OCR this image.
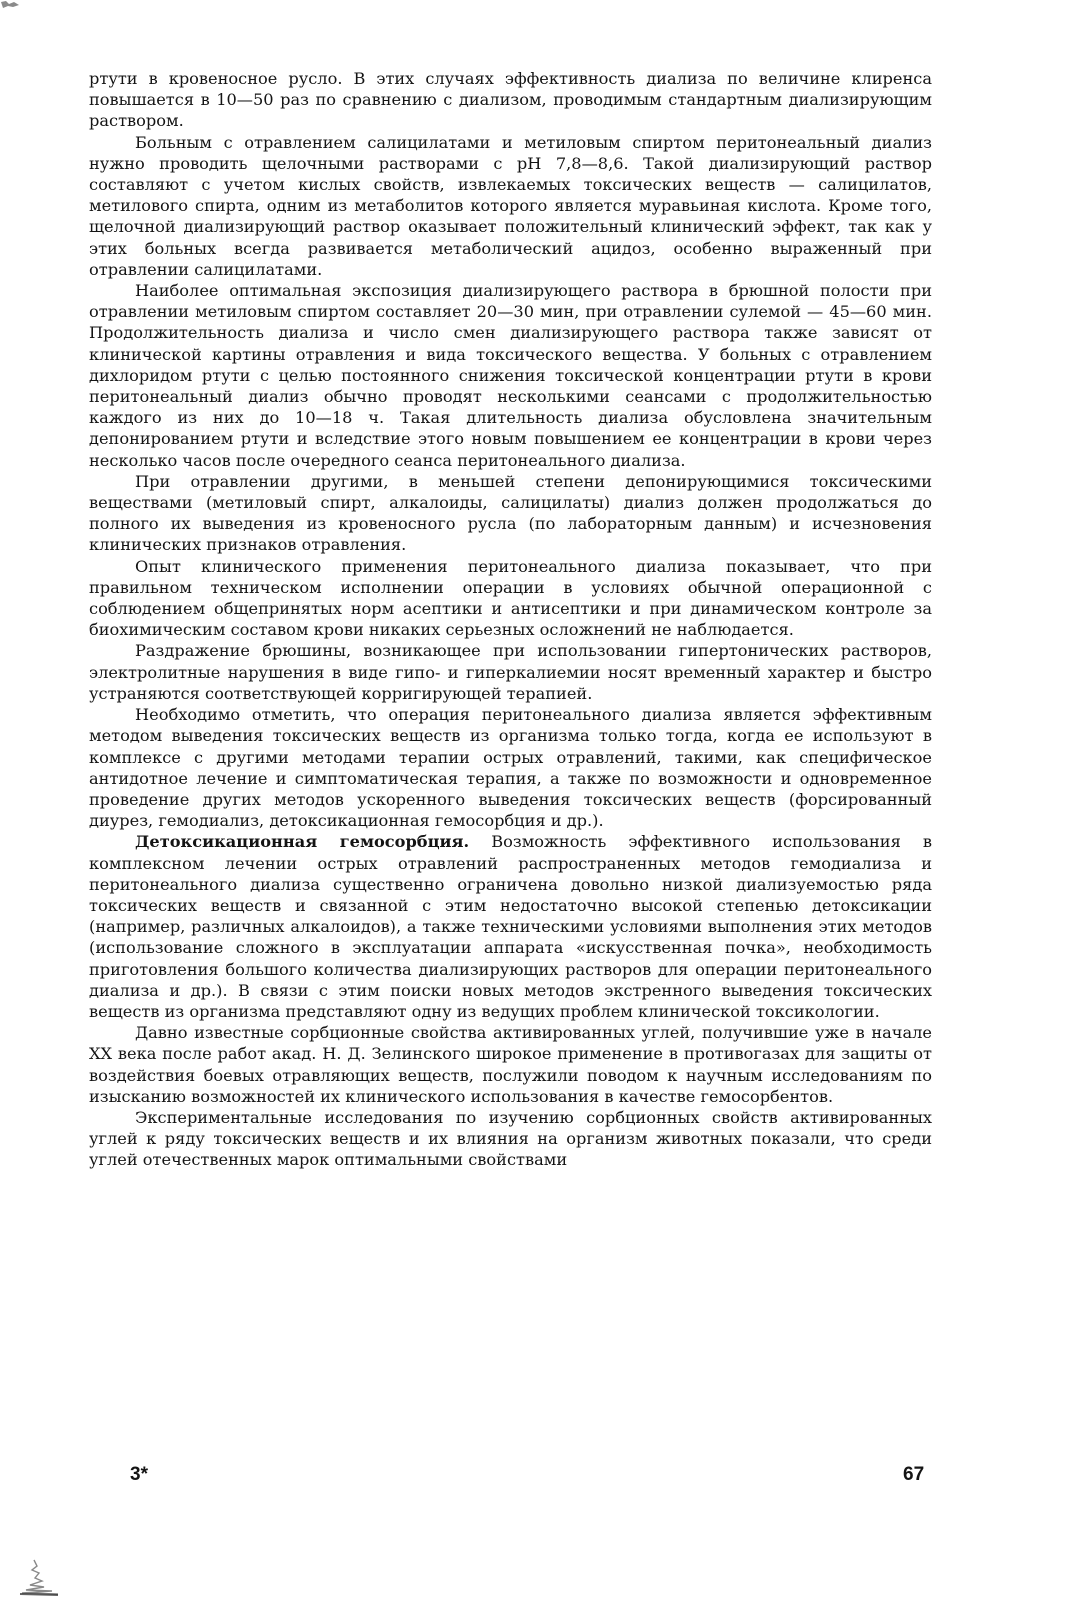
ртути в кровеносное русло. В этих случаях эффективность диализа по величине клиренса повышается в 10—50 раз по сравнению с диализом, проводимым стандартным диализирующим раствором.

Больным с отравлением салицилатами и метиловым спиртом перитонеальный диализ нужно проводить щелочными растворами с рН 7,8—8,6. Такой диализирующий раствор составляют с учетом кислых свойств, извлекаемых токсических веществ — салицилатов, метилового спирта, одним из метаболитов которого является муравьиная кислота. Кроме того, щелочной диализирующий раствор оказывает положительный клинический эффект, так как у этих больных всегда развивается метаболический ацидоз, особенно выраженный при отравлении салицилатами.

Наиболее оптимальная экспозиция диализирующего раствора в брюшной полости при отравлении метиловым спиртом составляет 20—30 мин, при отравлении сулемой — 45—60 мин. Продолжительность диализа и число смен диализирующего раствора также зависят от клинической картины отравления и вида токсического вещества. У больных с отравлением дихлоридом ртути с целью постоянного снижения токсической концентрации ртути в крови перитонеальный диализ обычно проводят несколькими сеансами с продолжительностью каждого из них до 10—18 ч. Такая длительность диализа обусловлена значительным депонированием ртути и вследствие этого новым повышением ее концентрации в крови через несколько часов после очередного сеанса перитонеального диализа.

При отравлении другими, в меньшей степени депонирующимися токсическими веществами (метиловый спирт, алкалоиды, салицилаты) диализ должен продолжаться до полного их выведения из кровеносного русла (по лабораторным данным) и исчезновения клинических признаков отравления.

Опыт клинического применения перитонеального диализа показывает, что при правильном техническом исполнении операции в условиях обычной операционной с соблюдением общепринятых норм асептики и антисептики и при динамическом контроле за биохимическим составом крови никаких серьезных осложнений не наблюдается.

Раздражение брюшины, возникающее при использовании гипертонических растворов, электролитные нарушения в виде гипо- и гиперкалиемии носят временный характер и быстро устраняются соответствующей корригирующей терапией.

Необходимо отметить, что операция перитонеального диализа является эффективным методом выведения токсических веществ из организма только тогда, когда ее используют в комплексе с другими методами терапии острых отравлений, такими, как специфическое антидотное лечение и симптоматическая терапия, а также по возможности и одновременное проведение других методов ускоренного выведения токсических веществ (форсированный диурез, гемодиализ, детоксикационная гемосорбция и др.).

Детоксикационная гемосорбция. Возможность эффективного использования в комплексном лечении острых отравлений распространенных методов гемодиализа и перитонеального диализа существенно ограничена довольно низкой диализуемостью ряда токсических веществ и связанной с этим недостаточно высокой степенью детоксикации (например, различных алкалоидов), а также техническими условиями выполнения этих методов (использование сложного в эксплуатации аппарата «искусственная почка», необходимость приготовления большого количества диализирующих растворов для операции перитонеального диализа и др.). В связи с этим поиски новых методов экстренного выведения токсических веществ из организма представляют одну из ведущих проблем клинической токсикологии.

Давно известные сорбционные свойства активированных углей, получившие уже в начале XX века после работ акад. Н. Д. Зелинского широкое применение в противогазах для защиты от воздействия боевых отравляющих веществ, послужили поводом к научным исследованиям по изысканию возможностей их клинического использования в качестве гемосорбентов.

Экспериментальные исследования по изучению сорбционных свойств активированных углей к ряду токсических веществ и их влияния на организм животных показали, что среди углей отечественных марок оптимальными свойствами

3*	67
